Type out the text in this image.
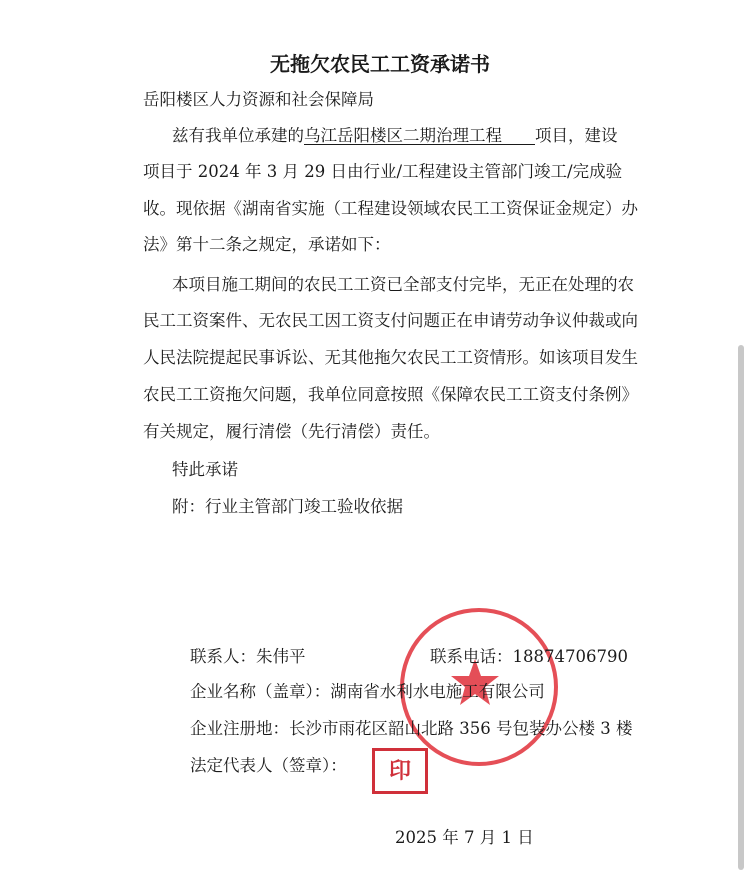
无拖欠农民工工资承诺书
岳阳楼区人力资源和社会保障局
兹有我单位承建的乌江岳阳楼区二期治理工程   项目，建设
项目于 2024 年 3 月 29 日由行业/工程建设主管部门竣工/完成验
收。现依据《湖南省实施（工程建设领域农民工工资保证金规定）办
法》第十二条之规定，承诺如下：
本项目施工期间的农民工工资已全部支付完毕，无正在处理的农
民工工资案件、无农民工因工资支付问题正在申请劳动争议仲裁或向
人民法院提起民事诉讼、无其他拖欠农民工工资情形。如该项目发生
农民工工资拖欠问题，我单位同意按照《保障农民工工资支付条例》
有关规定，履行清偿（先行清偿）责任。
特此承诺
附：行业主管部门竣工验收依据
联系人：朱伟平	联系电话：18874706790
企业名称（盖章）：湖南省水利水电施工有限公司
企业注册地：长沙市雨花区韶山北路 356 号包装办公楼 3 楼
法定代表人（签章）：	印
2025 年 7 月 1 日
